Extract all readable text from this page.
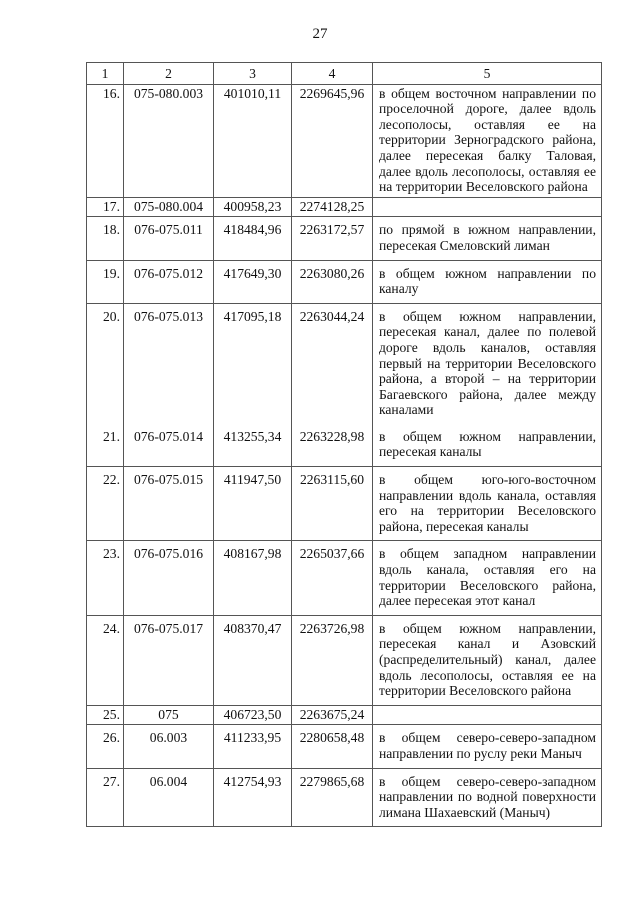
27
1	2	3	4	5
16.	075-080.003	401010,11	2269645,96	в общем восточном направлении по проселочной дороге, далее вдоль лесополосы, оставляя ее на территории Зерноградского района, далее пересекая балку Таловая, далее вдоль лесополосы, оставляя ее на территории Веселовского района
17.	075-080.004	400958,23	2274128,25	
18.	076-075.011	418484,96	2263172,57	по прямой в южном направлении, пересекая Смеловский лиман
19.	076-075.012	417649,30	2263080,26	в общем южном направлении по каналу
20.	076-075.013	417095,18	2263044,24	в общем южном направлении, пересекая канал, далее по полевой дороге вдоль каналов, оставляя первый на территории Веселовского района, а второй – на территории Багаевского района, далее между каналами
21.	076-075.014	413255,34	2263228,98	в общем южном направлении, пересекая каналы
22.	076-075.015	411947,50	2263115,60	в общем юго-юго-восточном направлении вдоль канала, оставляя его на территории Веселовского района, пересекая каналы
23.	076-075.016	408167,98	2265037,66	в общем западном направлении вдоль канала, оставляя его на территории Веселовского района, далее пересекая этот канал
24.	076-075.017	408370,47	2263726,98	в общем южном направлении, пересекая канал и Азовский (распределительный) канал, далее вдоль лесополосы, оставляя ее на территории Веселовского района
25.	075	406723,50	2263675,24	
26.	06.003	411233,95	2280658,48	в общем северо-северо-западном направлении по руслу реки Маныч
27.	06.004	412754,93	2279865,68	в общем северо-северо-западном направлении по водной поверхности лимана Шахаевский (Маныч)
